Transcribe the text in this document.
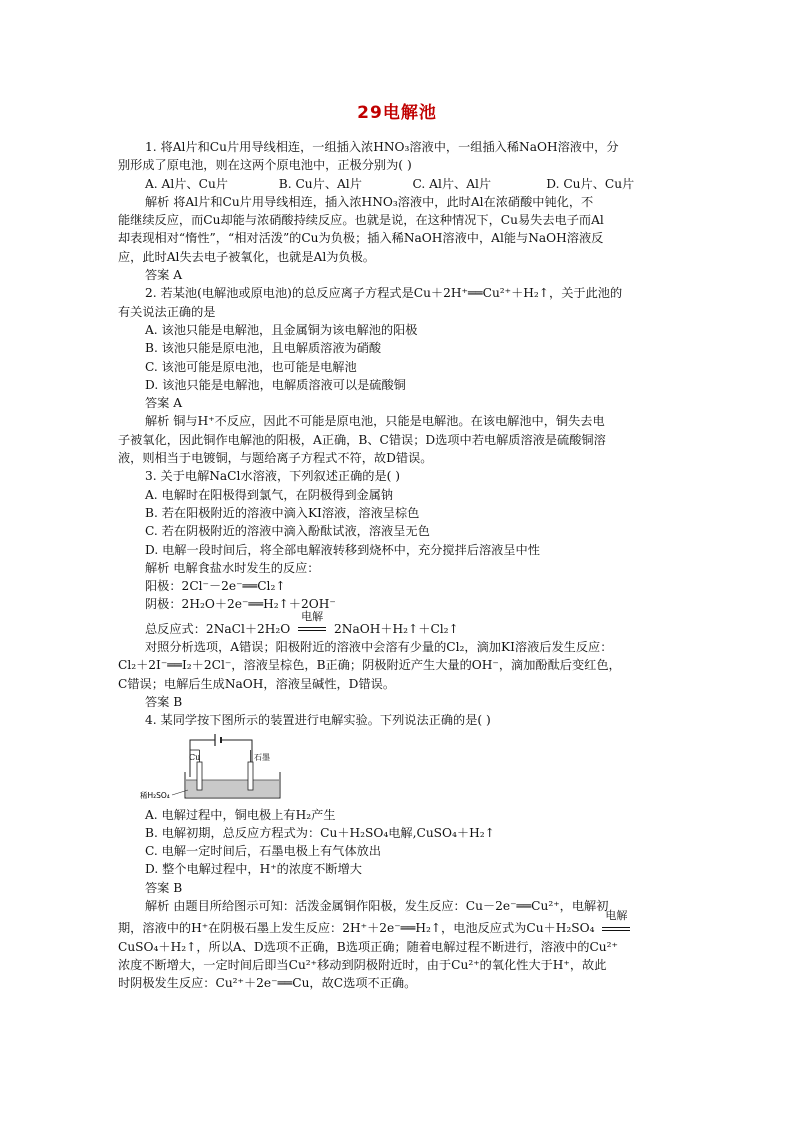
29电解池

1. 将Al片和Cu片用导线相连，一组插入浓HNO₃溶液中，一组插入稀NaOH溶液中，分

别形成了原电池，则在这两个原电池中，正极分别为( )

A. Al片、Cu片	B. Cu片、Al片	C. Al片、Al片	D. Cu片、Cu片

解析 将Al片和Cu片用导线相连，插入浓HNO₃溶液中，此时Al在浓硝酸中钝化，不

能继续反应，而Cu却能与浓硝酸持续反应。也就是说，在这种情况下，Cu易失去电子而Al

却表现相对“惰性”，“相对活泼”的Cu为负极；插入稀NaOH溶液中，Al能与NaOH溶液反

应，此时Al失去电子被氧化，也就是Al为负极。

答案 A

2. 若某池(电解池或原电池)的总反应离子方程式是Cu＋2H⁺══Cu²⁺＋H₂↑，关于此池的

有关说法正确的是

A. 该池只能是电解池，且金属铜为该电解池的阳极

B. 该池只能是原电池，且电解质溶液为硝酸

C. 该池可能是原电池，也可能是电解池

D. 该池只能是电解池，电解质溶液可以是硫酸铜

答案 A

解析 铜与H⁺不反应，因此不可能是原电池，只能是电解池。在该电解池中，铜失去电

子被氧化，因此铜作电解池的阳极，A正确，B、C错误；D选项中若电解质溶液是硫酸铜溶

液，则相当于电镀铜，与题给离子方程式不符，故D错误。

3. 关于电解NaCl水溶液，下列叙述正确的是( )

A. 电解时在阳极得到氯气，在阴极得到金属钠

B. 若在阳极附近的溶液中滴入KI溶液，溶液呈棕色

C. 若在阴极附近的溶液中滴入酚酞试液，溶液呈无色

D. 电解一段时间后，将全部电解液转移到烧杯中，充分搅拌后溶液呈中性

解析 电解食盐水时发生的反应：

阳极：2Cl⁻－2e⁻══Cl₂↑

阴极：2H₂O＋2e⁻══H₂↑＋2OH⁻

总反应式：2NaCl＋2H₂O
电解
2NaOH＋H₂↑＋Cl₂↑

对照分析选项，A错误；阳极附近的溶液中会溶有少量的Cl₂，滴加KI溶液后发生反应：

Cl₂＋2I⁻══I₂＋2Cl⁻，溶液呈棕色，B正确；阴极附近产生大量的OH⁻，滴加酚酞后变红色，

C错误；电解后生成NaOH，溶液呈碱性，D错误。

答案 B

4. 某同学按下图所示的装置进行电解实验。下列说法正确的是( )

Cu	石墨
稀H₂SO₄

A. 电解过程中，铜电极上有H₂产生

B. 电解初期，总反应方程式为：Cu＋H₂SO₄电解,CuSO₄＋H₂↑

C. 电解一定时间后，石墨电极上有气体放出

D. 整个电解过程中，H⁺的浓度不断增大

答案 B

解析 由题目所给图示可知：活泼金属铜作阳极，发生反应：Cu－2e⁻══Cu²⁺，电解初

期，溶液中的H⁺在阴极石墨上发生反应：2H⁺＋2e⁻══H₂↑，电池反应式为Cu＋H₂SO₄
电解

CuSO₄＋H₂↑，所以A、D选项不正确，B选项正确；随着电解过程不断进行，溶液中的Cu²⁺

浓度不断增大，一定时间后即当Cu²⁺移动到阴极附近时，由于Cu²⁺的氧化性大于H⁺，故此

时阴极发生反应：Cu²⁺＋2e⁻══Cu，故C选项不正确。
